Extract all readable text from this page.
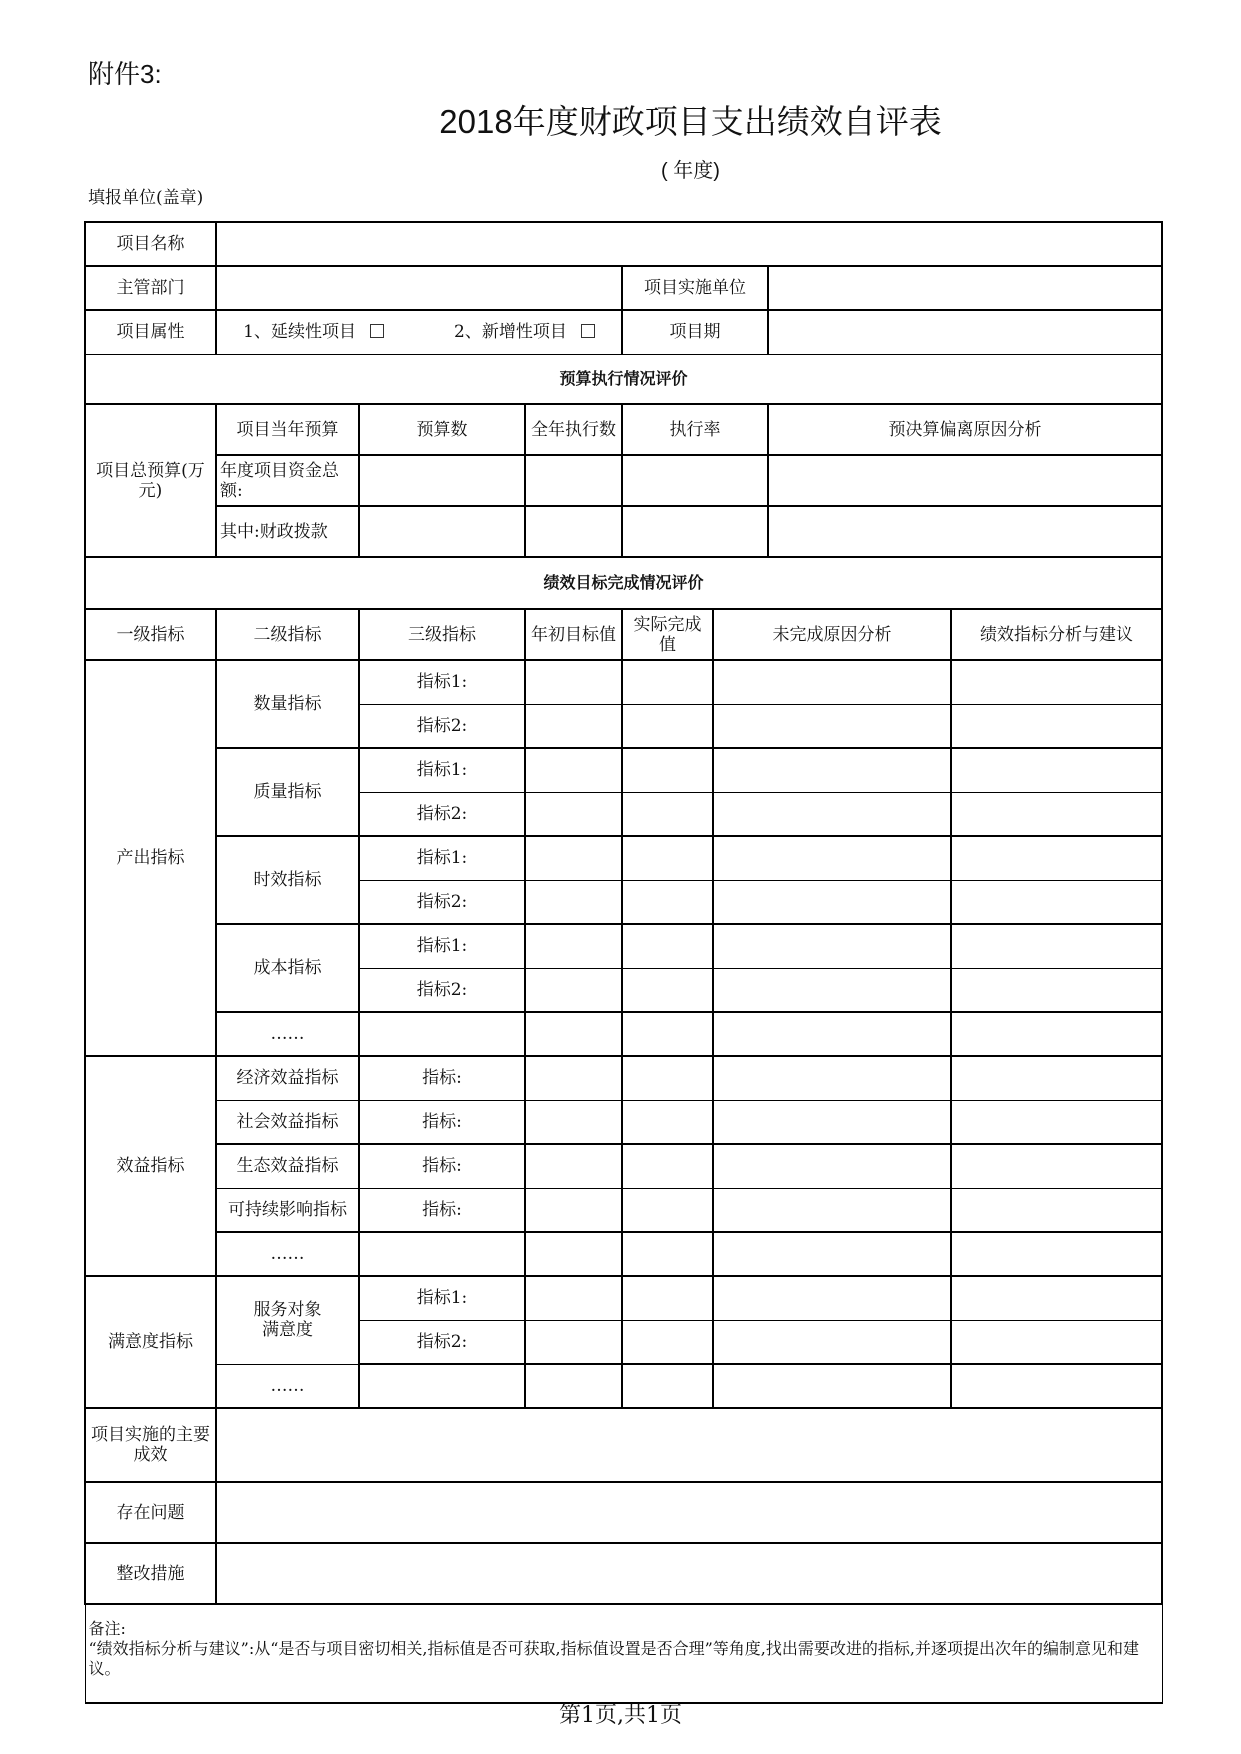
附件3:
2018年度财政项目支出绩效自评表
( 年度)
填报单位(盖章)
项目名称							
主管部门				项目实施单位			
项目属性	1、延续性项目 2、新增性项目			项目期			
预算执行情况评价							
项目总预算(万元)	项目当年预算	预算数	全年执行数	执行率		预决算偏离原因分析	
	年度项目资金总额:						
	其中:财政拨款						
绩效目标完成情况评价							
一级指标	二级指标	三级指标	年初目标值	实际完成值	未完成原因分析		绩效指标分析与建议
产出指标	数量指标	指标1:					
		指标2:					
	质量指标	指标1:					
		指标2:					
	时效指标	指标1:					
		指标2:					
	成本指标	指标1:					
		指标2:					
	……						
效益指标	经济效益指标	指标:					
	社会效益指标	指标:					
	生态效益指标	指标:					
	可持续影响指标	指标:					
	……						
满意度指标	服务对象满意度	指标1:					
		指标2:					
	……						
项目实施的主要成效							
存在问题							
整改措施							

备注:
“绩效指标分析与建议”:从“是否与项目密切相关,指标值是否可获取,指标值设置是否合理”等角度,找出需要改进的指标,并逐项提出次年的编制意见和建议。							
第1页,共1页
